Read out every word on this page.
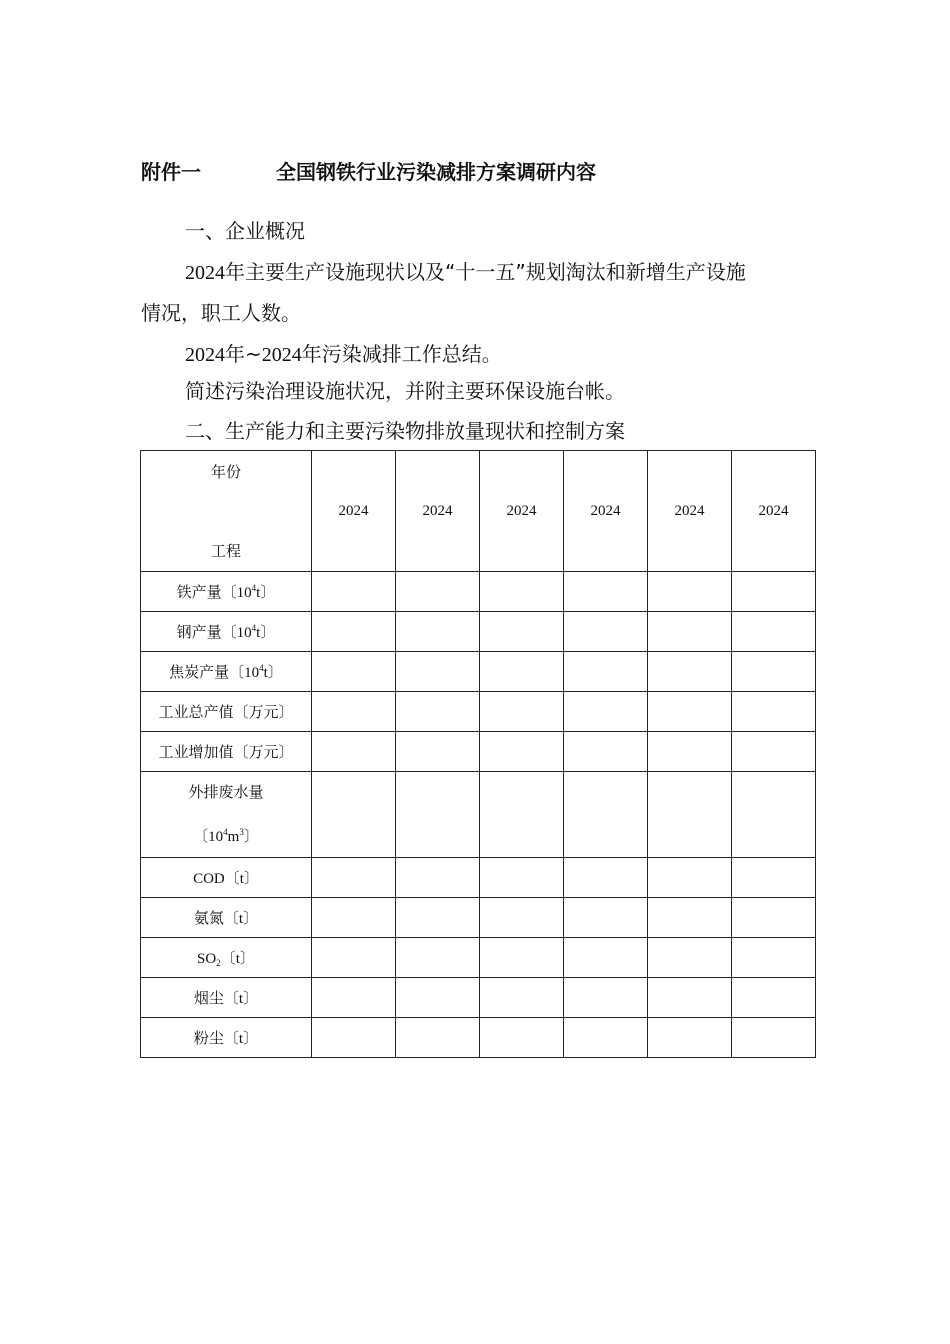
附件一	全国钢铁行业污染减排方案调研内容
一、企业概况
2024年主要生产设施现状以及“十一五”规划淘汰和新增生产设施
情况，职工人数。
2024年~2024年污染减排工作总结。
简述污染治理设施状况，并附主要环保设施台帐。
二、生产能力和主要污染物排放量现状和控制方案
年份
工程	2024	2024	2024	2024	2024	2024
铁产量〔$10^4t$〕						
钢产量〔$10^4t$〕						
焦炭产量〔$10^4t$〕						
工业总产值〔万元〕						
工业增加值〔万元〕						

外排废水量
〔$10^4m^3$〕						

COD〔t〕						
氨氮〔t〕						
$SO_2$〔t〕						
烟尘〔t〕						
粉尘〔t〕						
